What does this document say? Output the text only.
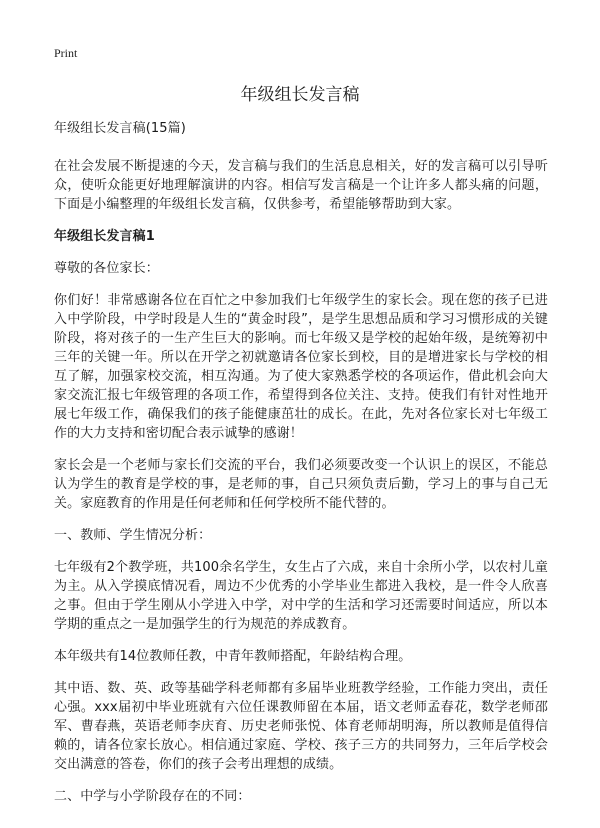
Print
年级组长发言稿

年级组长发言稿(15篇)

在社会发展不断提速的今天，发言稿与我们的生活息息相关，好的发言稿可以引导听众，使听众能更好地理解演讲的内容。相信写发言稿是一个让许多人都头痛的问题，下面是小编整理的年级组长发言稿，仅供参考，希望能够帮助到大家。

年级组长发言稿1

尊敬的各位家长：

你们好！非常感谢各位在百忙之中参加我们七年级学生的家长会。现在您的孩子已进入中学阶段，中学时段是人生的“黄金时段”，是学生思想品质和学习习惯形成的关键阶段，将对孩子的一生产生巨大的影响。而七年级又是学校的起始年级，是统筹初中三年的关键一年。所以在开学之初就邀请各位家长到校，目的是增进家长与学校的相互了解，加强家校交流，相互沟通。为了使大家熟悉学校的各项运作，借此机会向大家交流汇报七年级管理的各项工作，希望得到各位关注、支持。使我们有针对性地开展七年级工作，确保我们的孩子能健康茁壮的成长。在此，先对各位家长对七年级工作的大力支持和密切配合表示诚挚的感谢！

家长会是一个老师与家长们交流的平台，我们必须要改变一个认识上的误区，不能总认为学生的教育是学校的事，是老师的事，自己只须负责后勤，学习上的事与自己无关。家庭教育的作用是任何老师和任何学校所不能代替的。

一、教师、学生情况分析：

七年级有2个教学班，共100余名学生，女生占了六成，来自十余所小学，以农村儿童为主。从入学摸底情况看，周边不少优秀的小学毕业生都进入我校，是一件令人欣喜之事。但由于学生刚从小学进入中学，对中学的生活和学习还需要时间适应，所以本学期的重点之一是加强学生的行为规范的养成教育。

本年级共有14位教师任教，中青年教师搭配，年龄结构合理。

其中语、数、英、政等基础学科老师都有多届毕业班教学经验，工作能力突出，责任心强。xxx届初中毕业班就有六位任课教师留在本届，语文老师孟春花，数学老师邵军、曹春燕，英语老师李庆育、历史老师张悦、体育老师胡明海，所以教师是值得信赖的，请各位家长放心。相信通过家庭、学校、孩子三方的共同努力，三年后学校会交出满意的答卷，你们的孩子会考出理想的成绩。

二、中学与小学阶段存在的不同：
